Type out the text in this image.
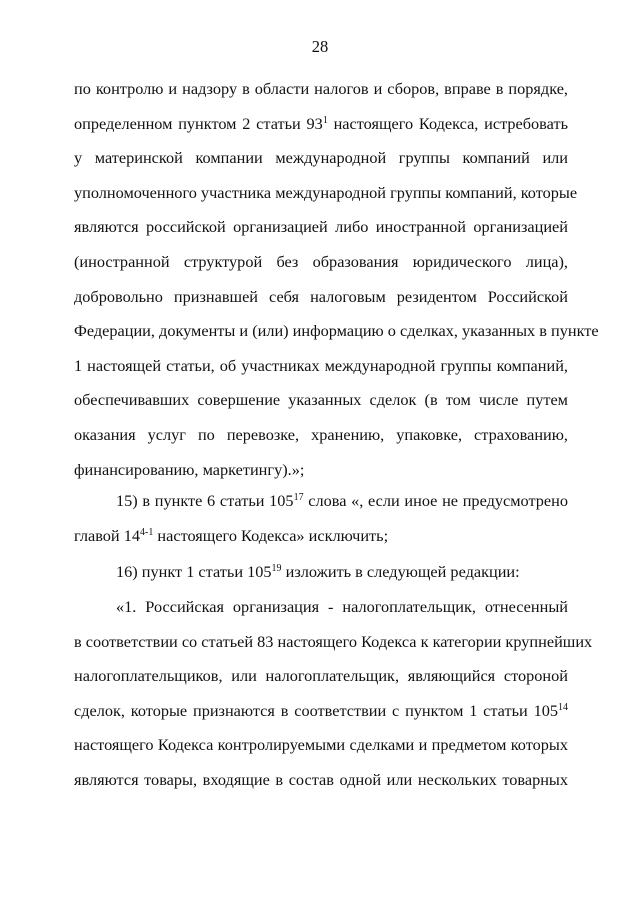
28
по контролю и надзору в области налогов и сборов, вправе в порядке,
определенном пунктом 2 статьи $93^1$ настоящего Кодекса, истребовать
у материнской компании международной группы компаний или
уполномоченного участника международной группы компаний, которые
являются российской организацией либо иностранной организацией
(иностранной структурой без образования юридического лица),
добровольно признавшей себя налоговым резидентом Российской
Федерации, документы и (или) информацию о сделках, указанных в пункте
1 настоящей статьи, об участниках международной группы компаний,
обеспечивавших совершение указанных сделок (в том числе путем
оказания услуг по перевозке, хранению, упаковке, страхованию,
финансированию, маркетингу).»;
15) в пункте 6 статьи $105^{17}$ слова «, если иное не предусмотрено
главой 14$^{4-1}$ настоящего Кодекса» исключить;
16) пункт 1 статьи $105^{19}$ изложить в следующей редакции:
«1. Российская организация - налогоплательщик, отнесенный
в соответствии со статьей 83 настоящего Кодекса к категории крупнейших
налогоплательщиков, или налогоплательщик, являющийся стороной
сделок, которые признаются в соответствии с пунктом 1 статьи $105^{14}$
настоящего Кодекса контролируемыми сделками и предметом которых
являются товары, входящие в состав одной или нескольких товарных
